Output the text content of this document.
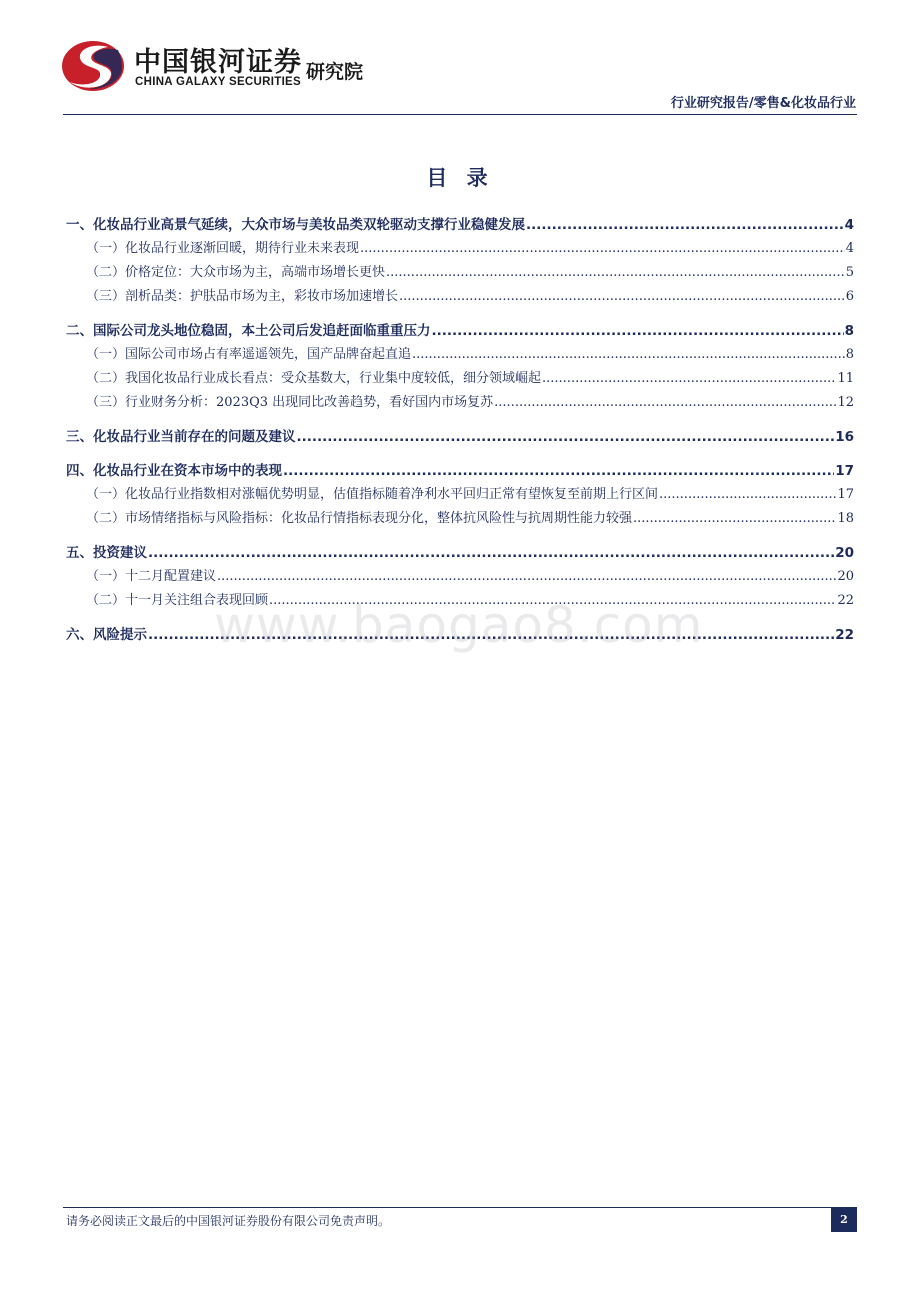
中国银河证券
CHINA GALAXY SECURITIES 研究院
行业研究报告/零售&化妆品行业
目 录
一、化妆品行业高景气延续，大众市场与美妆品类双轮驱动支撑行业稳健发展 .....	4
（一）化妆品行业逐渐回暖，期待行业未来表现 .....	4
（二）价格定位：大众市场为主，高端市场增长更快 .....	5
（三）剖析品类：护肤品市场为主，彩妆市场加速增长 .....	6
二、国际公司龙头地位稳固，本土公司后发追赶面临重重压力 .....	8
（一）国际公司市场占有率遥遥领先，国产品牌奋起直追 .....	8
（二）我国化妆品行业成长看点：受众基数大，行业集中度较低，细分领域崛起 .....	11
（三）行业财务分析：2023Q3 出现同比改善趋势，看好国内市场复苏 .....	12
三、化妆品行业当前存在的问题及建议 .....	16
四、化妆品行业在资本市场中的表现 .....	17
（一）化妆品行业指数相对涨幅优势明显，估值指标随着净利水平回归正常有望恢复至前期上行区间 .....	17
（二）市场情绪指标与风险指标：化妆品行情指标表现分化，整体抗风险性与抗周期性能力较强 .....	18
五、投资建议 .....	20
（一）十二月配置建议 .....	20
（二）十一月关注组合表现回顾 .....	22
六、风险提示 .....	22
www.baogao8.com
请务必阅读正文最后的中国银河证券股份有限公司免责声明。	2
